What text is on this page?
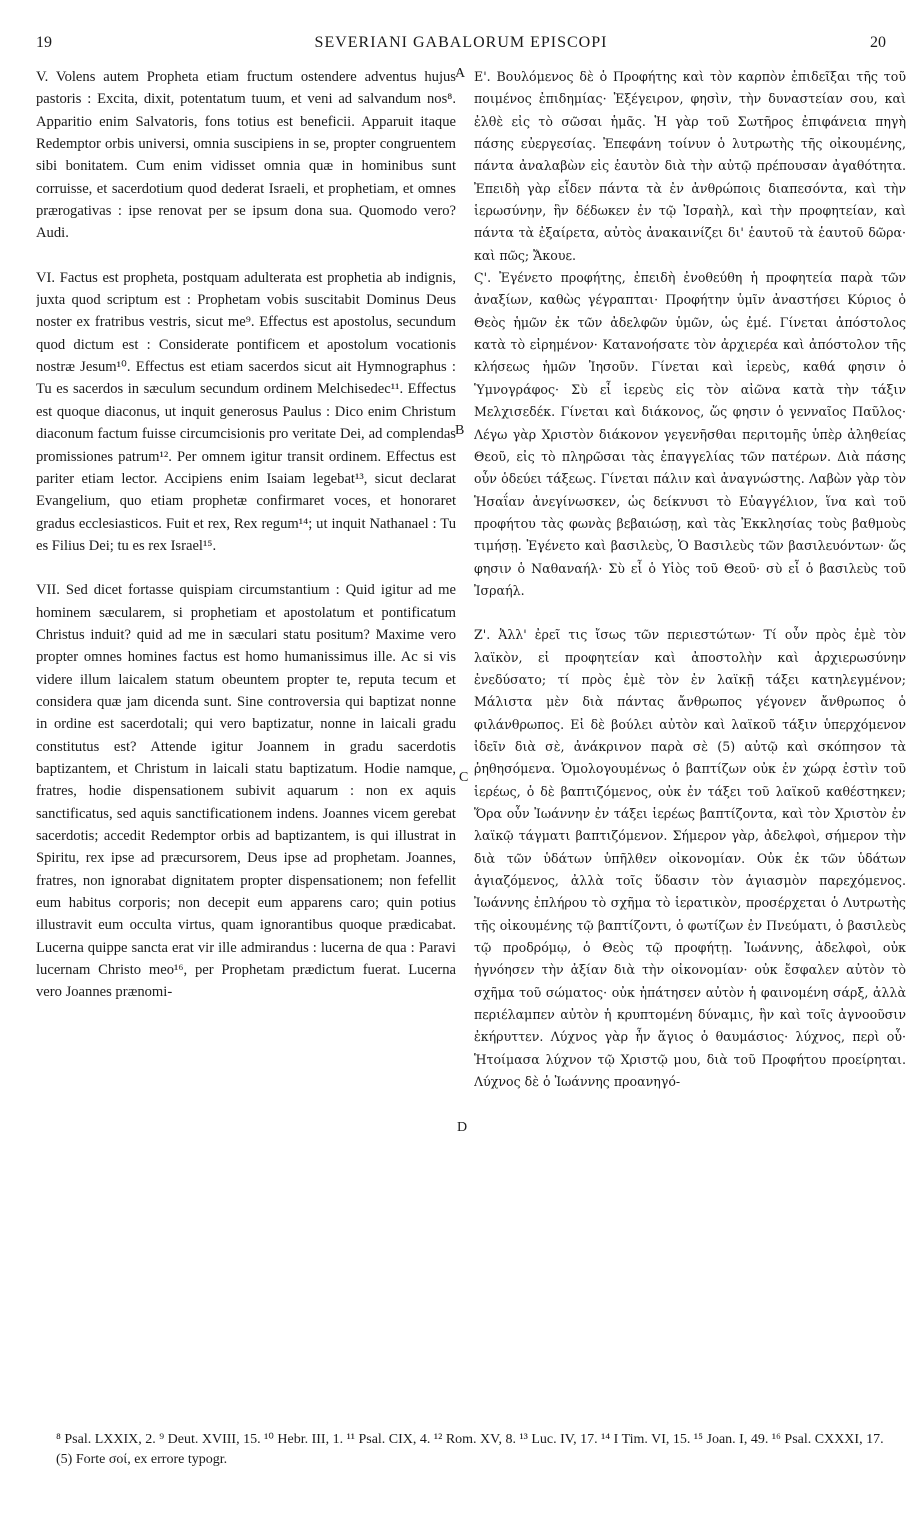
19	SEVERIANI GABALORUM EPISCOPI	20

V. Volens autem Propheta etiam fructum ostendere adventus hujus pastoris : Excita, dixit, potentatum tuum, et veni ad salvandum nos⁸. Apparitio enim Salvatoris, fons totius est beneficii. Apparuit itaque Redemptor orbis universi, omnia suscipiens in se, propter congruentem sibi bonitatem. Cum enim vidisset omnia quæ in hominibus sunt corruisse, et sacerdotium quod dederat Israeli, et prophetiam, et omnes prærogativas : ipse renovat per se ipsum dona sua. Quomodo vero? Audi.

VI. Factus est propheta, postquam adulterata est prophetia ab indignis, juxta quod scriptum est : Prophetam vobis suscitabit Dominus Deus noster ex fratribus vestris, sicut me⁹. Effectus est apostolus, secundum quod dictum est : Considerate pontificem et apostolum vocationis nostræ Jesum¹⁰. Effectus est etiam sacerdos sicut ait Hymnographus : Tu es sacerdos in sæculum secundum ordinem Melchisedec¹¹. Effectus est quoque diaconus, ut inquit generosus Paulus : Dico enim Christum diaconum factum fuisse circumcisionis pro veritate Dei, ad complendas promissiones patrum¹². Per omnem igitur transit ordinem. Effectus est pariter etiam lector. Accipiens enim Isaiam legebat¹³, sicut declarat Evangelium, quo etiam prophetæ confirmaret voces, et honoraret gradus ecclesiasticos. Fuit et rex, Rex regum¹⁴; ut inquit Nathanael : Tu es Filius Dei; tu es rex Israel¹⁵.

VII. Sed dicet fortasse quispiam circumstantium : Quid igitur ad me hominem sæcularem, si prophetiam et apostolatum et pontificatum Christus induit? quid ad me in sæculari statu positum? Maxime vero propter omnes homines factus est homo humanissimus ille. Ac si vis videre illum laicalem statum obeuntem propter te, reputa tecum et considera quæ jam dicenda sunt. Sine controversia qui baptizat nonne in ordine est sacerdotali; qui vero baptizatur, nonne in laicali gradu constitutus est? Attende igitur Joannem in gradu sacerdotis baptizantem, et Christum in laicali statu baptizatum. Hodie namque, fratres, hodie dispensationem subivit aquarum : non ex aquis sanctificatus, sed aquis sanctificationem indens. Joannes vicem gerebat sacerdotis; accedit Redemptor orbis ad baptizantem, is qui illustrat in Spiritu, rex ipse ad præcursorem, Deus ipse ad prophetam. Joannes, fratres, non ignorabat dignitatem propter dispensationem; non fefellit eum habitus corporis; non decepit eum apparens caro; quin potius illustravit eum occulta virtus, quam ignorantibus quoque prædicabat. Lucerna quippe sancta erat vir ille admirandus : lucerna de qua : Paravi lucernam Christo meo¹⁶, per Prophetam prædictum fuerat. Lucerna vero Joannes prænomi-

A
B
C
D

Ε'. Βουλόμενος δὲ ὁ Προφήτης καὶ τὸν καρπὸν ἐπιδεῖξαι τῆς τοῦ ποιμένος ἐπιδημίας· Ἐξέγειρον, φησὶν, τὴν δυναστείαν σου, καὶ ἐλθὲ εἰς τὸ σῶσαι ἡμᾶς. Ἡ γὰρ τοῦ Σωτῆρος ἐπιφάνεια πηγὴ πάσης εὐεργεσίας. Ἐπεφάνη τοίνυν ὁ λυτρωτὴς τῆς οἰκουμένης, πάντα ἀναλαβὼν εἰς ἑαυτὸν διὰ τὴν αὐτῷ πρέπουσαν ἀγαθότητα. Ἐπειδὴ γὰρ εἶδεν πάντα τὰ ἐν ἀνθρώποις διαπεσόντα, καὶ τὴν ἱερωσύνην, ἣν δέδωκεν ἐν τῷ Ἰσραὴλ, καὶ τὴν προφητείαν, καὶ πάντα τὰ ἐξαίρετα, αὐτὸς ἀνακαινίζει δι' ἑαυτοῦ τὰ ἑαυτοῦ δῶρα· καὶ πῶς; Ἄκουε.

Ϛ'. Ἐγένετο προφήτης, ἐπειδὴ ἐνοθεύθη ἡ προφητεία παρὰ τῶν ἀναξίων, καθὼς γέγραπται· Προφήτην ὑμῖν ἀναστήσει Κύριος ὁ Θεὸς ἡμῶν ἐκ τῶν ἀδελφῶν ὑμῶν, ὡς ἐμέ. Γίνεται ἀπόστολος κατὰ τὸ εἰρημένον· Κατανοήσατε τὸν ἀρχιερέα καὶ ἀπόστολον τῆς κλήσεως ἡμῶν Ἰησοῦν. Γίνεται καὶ ἱερεὺς, καθά φησιν ὁ Ὑμνογράφος· Σὺ εἶ ἱερεὺς εἰς τὸν αἰῶνα κατὰ τὴν τάξιν Μελχισεδέκ. Γίνεται καὶ διάκονος, ὥς φησιν ὁ γενναῖος Παῦλος· Λέγω γὰρ Χριστὸν διάκονον γεγενῆσθαι περιτομῆς ὑπὲρ ἀληθείας Θεοῦ, εἰς τὸ πληρῶσαι τὰς ἐπαγγελίας τῶν πατέρων. Διὰ πάσης οὖν ὁδεύει τάξεως. Γίνεται πάλιν καὶ ἀναγνώστης. Λαβὼν γὰρ τὸν Ἡσαΐαν ἀνεγίνωσκεν, ὡς δείκνυσι τὸ Εὐαγγέλιον, ἵνα καὶ τοῦ προφήτου τὰς φωνὰς βεβαιώσῃ, καὶ τὰς Ἐκκλησίας τοὺς βαθμοὺς τιμήσῃ. Ἐγένετο καὶ βασιλεὺς, Ὁ Βασιλεὺς τῶν βασιλευόντων· ὥς φησιν ὁ Ναθαναήλ· Σὺ εἶ ὁ Υἱὸς τοῦ Θεοῦ· σὺ εἶ ὁ βασιλεὺς τοῦ Ἰσραήλ.

Ζ'. Ἀλλ' ἐρεῖ τις ἴσως τῶν περιεστώτων· Τί οὖν πρὸς ἐμὲ τὸν λαϊκὸν, εἰ προφητείαν καὶ ἀποστολὴν καὶ ἀρχιερωσύνην ἐνεδύσατο; τί πρὸς ἐμὲ τὸν ἐν λαϊκῇ τάξει κατηλεγμένον; Μάλιστα μὲν διὰ πάντας ἄνθρωπος γέγονεν ἄνθρωπος ὁ φιλάνθρωπος. Εἰ δὲ βούλει αὐτὸν καὶ λαϊκοῦ τάξιν ὑπερχόμενον ἰδεῖν διὰ σὲ, ἀνάκρινον παρὰ σὲ (5) αὐτῷ καὶ σκόπησον τὰ ῥηθησόμενα. Ὁμολογουμένως ὁ βαπτίζων οὐκ ἐν χώρᾳ ἐστὶν τοῦ ἱερέως, ὁ δὲ βαπτιζόμενος, οὐκ ἐν τάξει τοῦ λαϊκοῦ καθέστηκεν; Ὅρα οὖν Ἰωάννην ἐν τάξει ἱερέως βαπτίζοντα, καὶ τὸν Χριστὸν ἐν λαϊκῷ τάγματι βαπτιζόμενον. Σήμερον γὰρ, ἀδελφοὶ, σήμερον τὴν διὰ τῶν ὑδάτων ὑπῆλθεν οἰκονομίαν. Οὐκ ἐκ τῶν ὑδάτων ἁγιαζόμενος, ἀλλὰ τοῖς ὕδασιν τὸν ἁγιασμὸν παρεχόμενος. Ἰωάννης ἐπλήρου τὸ σχῆμα τὸ ἱερατικὸν, προσέρχεται ὁ Λυτρωτὴς τῆς οἰκουμένης τῷ βαπτίζοντι, ὁ φωτίζων ἐν Πνεύματι, ὁ βασιλεὺς τῷ προδρόμῳ, ὁ Θεὸς τῷ προφήτῃ. Ἰωάννης, ἀδελφοὶ, οὐκ ἠγνόησεν τὴν ἀξίαν διὰ τὴν οἰκονομίαν· οὐκ ἔσφαλεν αὐτὸν τὸ σχῆμα τοῦ σώματος· οὐκ ἠπάτησεν αὐτὸν ἡ φαινομένη σάρξ, ἀλλὰ περιέλαμπεν αὐτὸν ἡ κρυπτομένη δύναμις, ἣν καὶ τοῖς ἀγνοοῦσιν ἐκήρυττεν. Λύχνος γὰρ ἦν ἅγιος ὁ θαυμάσιος· λύχνος, περὶ οὗ· Ἡτοίμασα λύχνον τῷ Χριστῷ μου, διὰ τοῦ Προφήτου προείρηται. Λύχνος δὲ ὁ Ἰωάννης προανηγό-

⁸ Psal. LXXIX, 2. ⁹ Deut. XVIII, 15. ¹⁰ Hebr. III, 1. ¹¹ Psal. CIX, 4. ¹² Rom. XV, 8. ¹³ Luc. IV, 17. ¹⁴ I Tim. VI, 15. ¹⁵ Joan. I, 49. ¹⁶ Psal. CXXXI, 17.

(5) Forte σοί, ex errore typogr.
